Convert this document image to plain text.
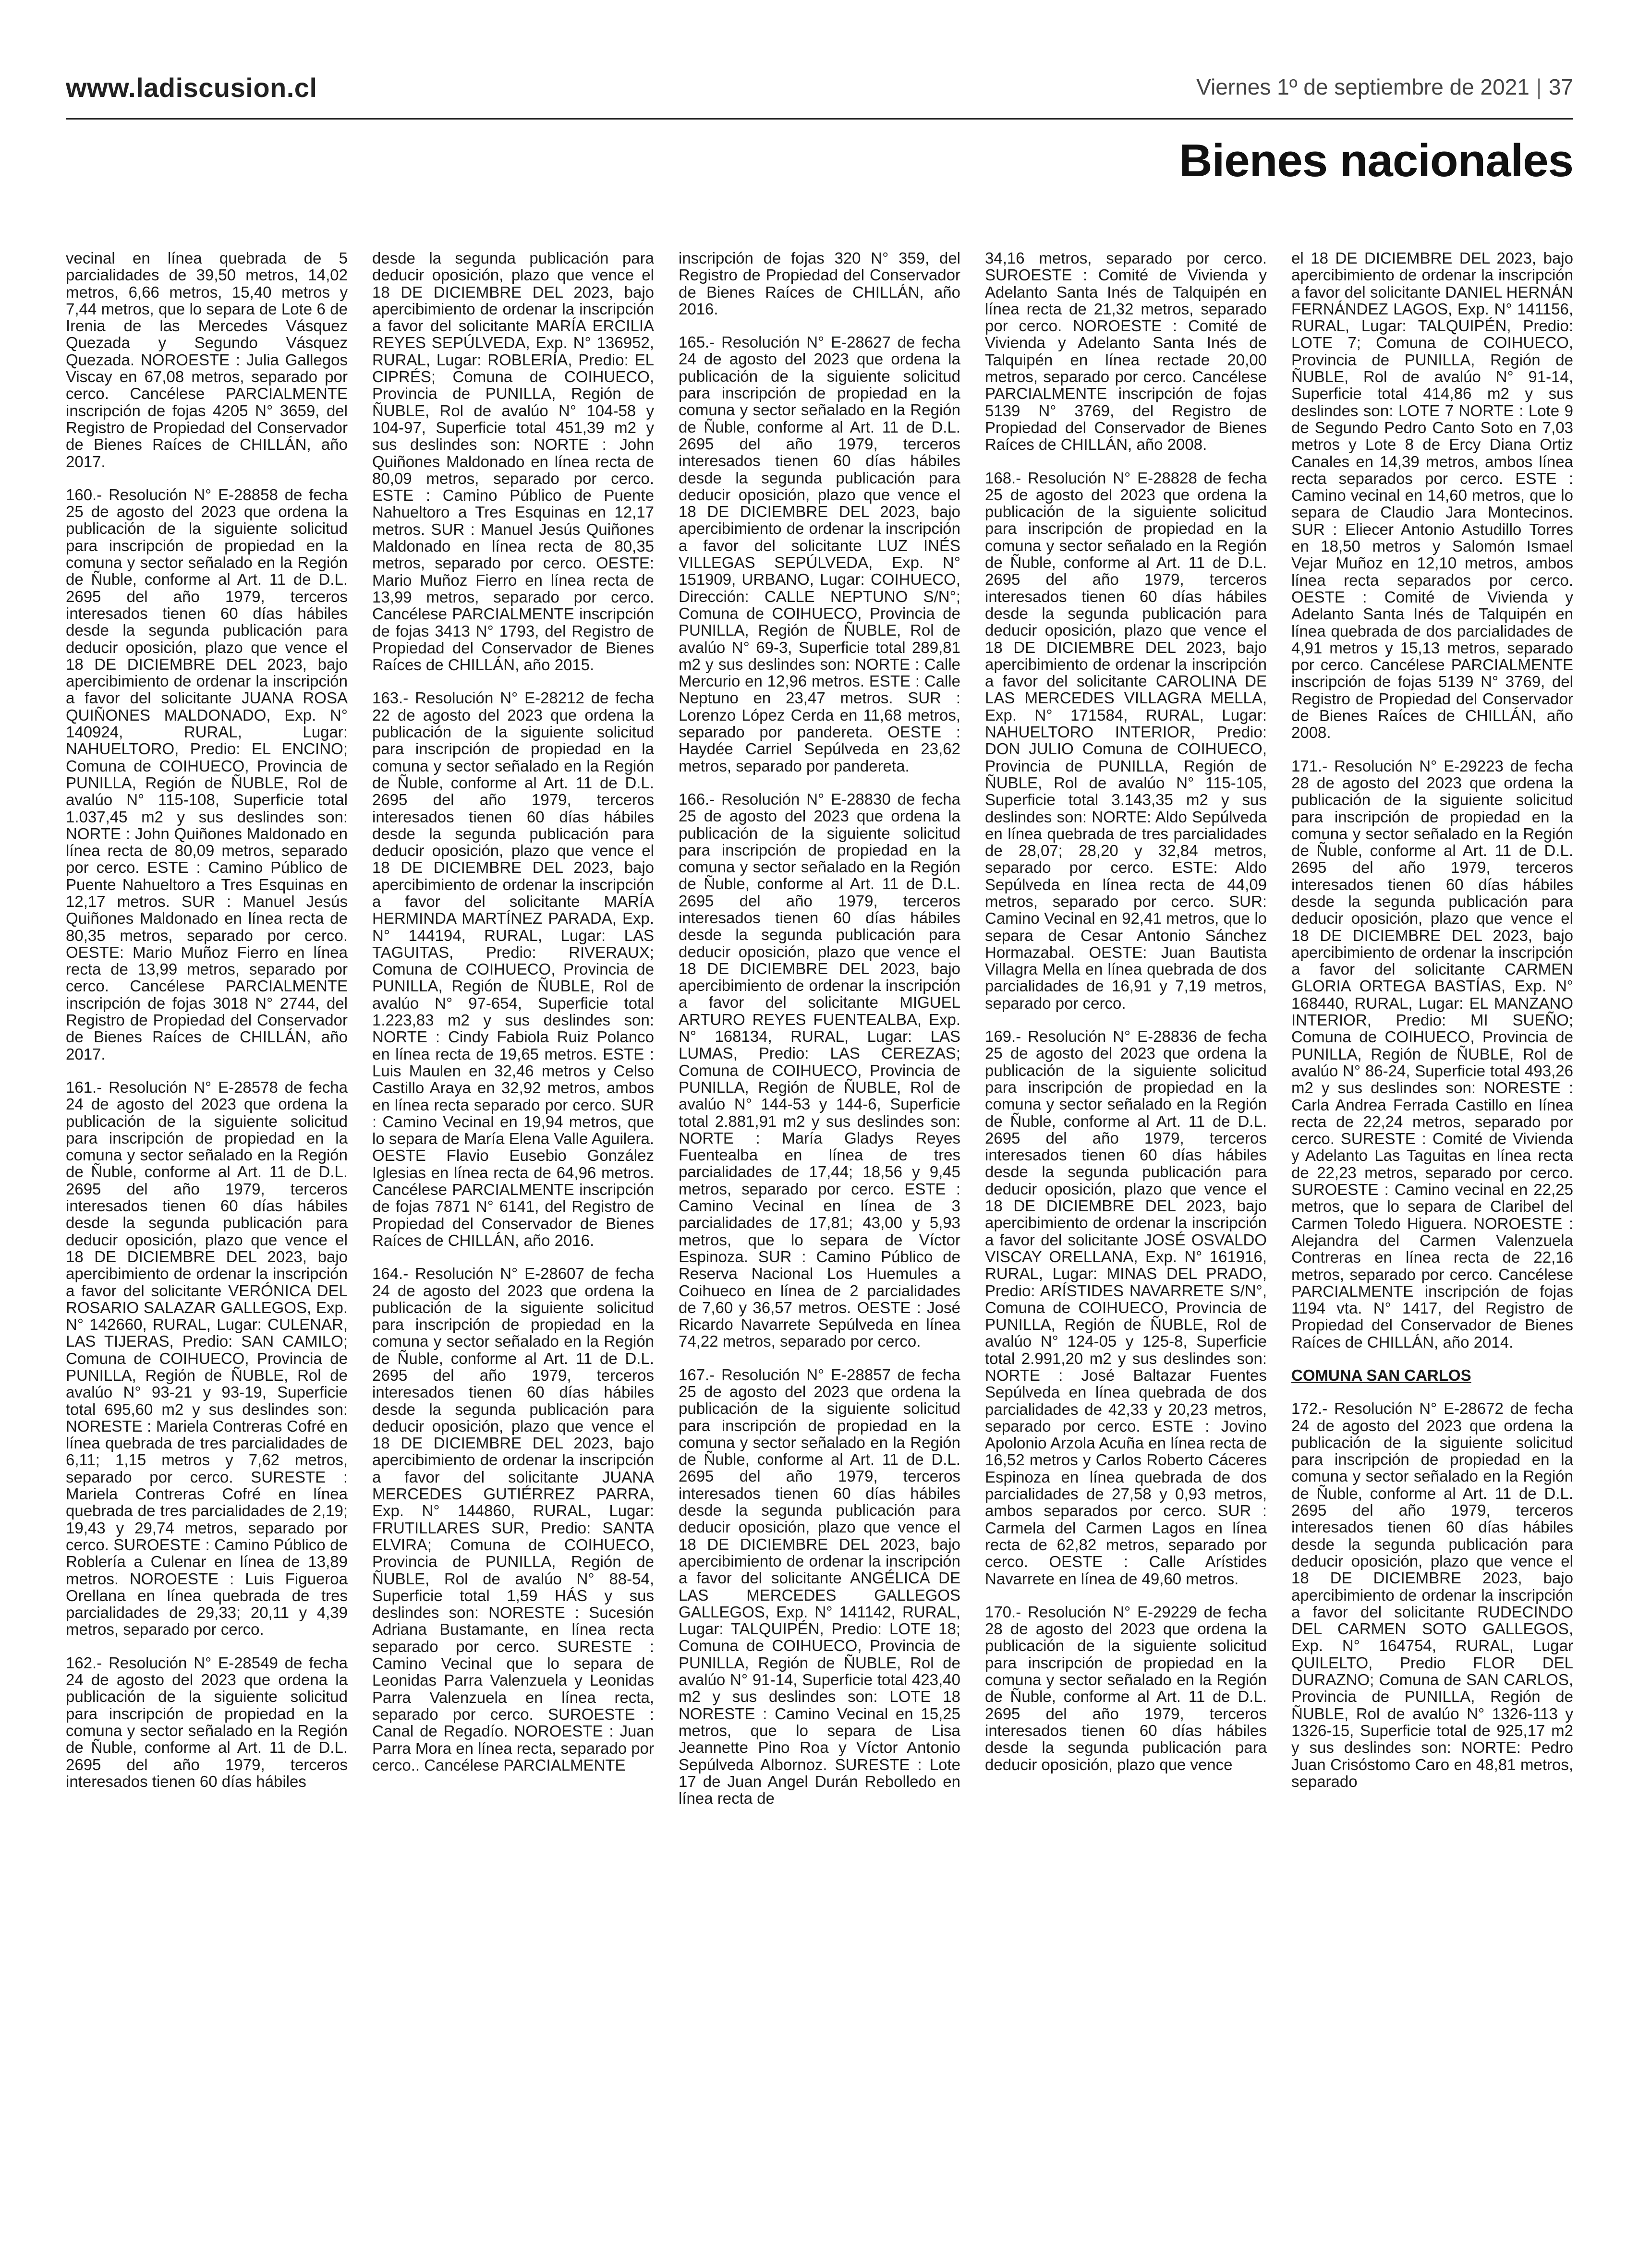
www.ladiscusion.cl	Viernes 1º de septiembre de 2021 | 37
Bienes nacionales

vecinal en línea quebrada de 5 parcialidades de 39,50 metros, 14,02 metros, 6,66 metros, 15,40 metros y 7,44 metros, que lo separa de Lote 6 de Irenia de las Mercedes Vásquez Quezada y Segundo Vásquez Quezada. NOROESTE : Julia Gallegos Viscay en 67,08 metros, separado por cerco. Cancélese PARCIALMENTE inscripción de fojas 4205 N° 3659, del Registro de Propiedad del Conservador de Bienes Raíces de CHILLÁN, año 2017.

160.- Resolución N° E-28858 de fecha 25 de agosto del 2023 que ordena la publicación de la siguiente solicitud para inscripción de propiedad en la comuna y sector señalado en la Región de Ñuble, conforme al Art. 11 de D.L. 2695 del año 1979, terceros interesados tienen 60 días hábiles desde la segunda publicación para deducir oposición, plazo que vence el 18 DE DICIEMBRE DEL 2023, bajo apercibimiento de ordenar la inscripción a favor del solicitante JUANA ROSA QUIÑONES MALDONADO, Exp. N° 140924, RURAL, Lugar: NAHUELTORO, Predio: EL ENCINO; Comuna de COIHUECO, Provincia de PUNILLA, Región de ÑUBLE, Rol de avalúo N° 115-108, Superficie total 1.037,45 m2 y sus deslindes son: NORTE : John Quiñones Maldonado en línea recta de 80,09 metros, separado por cerco. ESTE : Camino Público de Puente Nahueltoro a Tres Esquinas en 12,17 metros. SUR : Manuel Jesús Quiñones Maldonado en línea recta de 80,35 metros, separado por cerco. OESTE: Mario Muñoz Fierro en línea recta de 13,99 metros, separado por cerco. Cancélese PARCIALMENTE inscripción de fojas 3018 N° 2744, del Registro de Propiedad del Conservador de Bienes Raíces de CHILLÁN, año 2017.

161.- Resolución N° E-28578 de fecha 24 de agosto del 2023 que ordena la publicación de la siguiente solicitud para inscripción de propiedad en la comuna y sector señalado en la Región de Ñuble, conforme al Art. 11 de D.L. 2695 del año 1979, terceros interesados tienen 60 días hábiles desde la segunda publicación para deducir oposición, plazo que vence el 18 DE DICIEMBRE DEL 2023, bajo apercibimiento de ordenar la inscripción a favor del solicitante VERÓNICA DEL ROSARIO SALAZAR GALLEGOS, Exp. N° 142660, RURAL, Lugar: CULENAR, LAS TIJERAS, Predio: SAN CAMILO; Comuna de COIHUECO, Provincia de PUNILLA, Región de ÑUBLE, Rol de avalúo N° 93-21 y 93-19, Superficie total 695,60 m2 y sus deslindes son: NORESTE : Mariela Contreras Cofré en línea quebrada de tres parcialidades de 6,11; 1,15 metros y 7,62 metros, separado por cerco. SURESTE : Mariela Contreras Cofré en línea quebrada de tres parcialidades de 2,19; 19,43 y 29,74 metros, separado por cerco. SUROESTE : Camino Público de Roblería a Culenar en línea de 13,89 metros. NOROESTE : Luis Figueroa Orellana en línea quebrada de tres parcialidades de 29,33; 20,11 y 4,39 metros, separado por cerco.

162.- Resolución N° E-28549 de fecha 24 de agosto del 2023 que ordena la publicación de la siguiente solicitud para inscripción de propiedad en la comuna y sector señalado en la Región de Ñuble, conforme al Art. 11 de D.L. 2695 del año 1979, terceros interesados tienen 60 días hábiles

desde la segunda publicación para deducir oposición, plazo que vence el 18 DE DICIEMBRE DEL 2023, bajo apercibimiento de ordenar la inscripción a favor del solicitante MARÍA ERCILIA REYES SEPÚLVEDA, Exp. N° 136952, RURAL, Lugar: ROBLERÍA, Predio: EL CIPRÉS; Comuna de COIHUECO, Provincia de PUNILLA, Región de ÑUBLE, Rol de avalúo N° 104-58 y 104-97, Superficie total 451,39 m2 y sus deslindes son: NORTE : John Quiñones Maldonado en línea recta de 80,09 metros, separado por cerco. ESTE : Camino Público de Puente Nahueltoro a Tres Esquinas en 12,17 metros. SUR : Manuel Jesús Quiñones Maldonado en línea recta de 80,35 metros, separado por cerco. OESTE: Mario Muñoz Fierro en línea recta de 13,99 metros, separado por cerco. Cancélese PARCIALMENTE inscripción de fojas 3413 N° 1793, del Registro de Propiedad del Conservador de Bienes Raíces de CHILLÁN, año 2015.

163.- Resolución N° E-28212 de fecha 22 de agosto del 2023 que ordena la publicación de la siguiente solicitud para inscripción de propiedad en la comuna y sector señalado en la Región de Ñuble, conforme al Art. 11 de D.L. 2695 del año 1979, terceros interesados tienen 60 días hábiles desde la segunda publicación para deducir oposición, plazo que vence el 18 DE DICIEMBRE DEL 2023, bajo apercibimiento de ordenar la inscripción a favor del solicitante MARÍA HERMINDA MARTÍNEZ PARADA, Exp. N° 144194, RURAL, Lugar: LAS TAGUITAS, Predio: RIVERAUX; Comuna de COIHUECO, Provincia de PUNILLA, Región de ÑUBLE, Rol de avalúo N° 97-654, Superficie total 1.223,83 m2 y sus deslindes son: NORTE : Cindy Fabiola Ruiz Polanco en línea recta de 19,65 metros. ESTE : Luis Maulen en 32,46 metros y Celso Castillo Araya en 32,92 metros, ambos en línea recta separado por cerco. SUR : Camino Vecinal en 19,94 metros, que lo separa de María Elena Valle Aguilera. OESTE Flavio Eusebio González Iglesias en línea recta de 64,96 metros. Cancélese PARCIALMENTE inscripción de fojas 7871 N° 6141, del Registro de Propiedad del Conservador de Bienes Raíces de CHILLÁN, año 2016.

164.- Resolución N° E-28607 de fecha 24 de agosto del 2023 que ordena la publicación de la siguiente solicitud para inscripción de propiedad en la comuna y sector señalado en la Región de Ñuble, conforme al Art. 11 de D.L. 2695 del año 1979, terceros interesados tienen 60 días hábiles desde la segunda publicación para deducir oposición, plazo que vence el 18 DE DICIEMBRE DEL 2023, bajo apercibimiento de ordenar la inscripción a favor del solicitante JUANA MERCEDES GUTIÉRREZ PARRA, Exp. N° 144860, RURAL, Lugar: FRUTILLARES SUR, Predio: SANTA ELVIRA; Comuna de COIHUECO, Provincia de PUNILLA, Región de ÑUBLE, Rol de avalúo N° 88-54, Superficie total 1,59 HÁS y sus deslindes son: NORESTE : Sucesión Adriana Bustamante, en línea recta separado por cerco. SURESTE : Camino Vecinal que lo separa de Leonidas Parra Valenzuela y Leonidas Parra Valenzuela en línea recta, separado por cerco. SUROESTE : Canal de Regadío. NOROESTE : Juan Parra Mora en línea recta, separado por cerco.. Cancélese PARCIALMENTE

inscripción de fojas 320 N° 359, del Registro de Propiedad del Conservador de Bienes Raíces de CHILLÁN, año 2016.

165.- Resolución N° E-28627 de fecha 24 de agosto del 2023 que ordena la publicación de la siguiente solicitud para inscripción de propiedad en la comuna y sector señalado en la Región de Ñuble, conforme al Art. 11 de D.L. 2695 del año 1979, terceros interesados tienen 60 días hábiles desde la segunda publicación para deducir oposición, plazo que vence el 18 DE DICIEMBRE DEL 2023, bajo apercibimiento de ordenar la inscripción a favor del solicitante LUZ INÉS VILLEGAS SEPÚLVEDA, Exp. N° 151909, URBANO, Lugar: COIHUECO, Dirección: CALLE NEPTUNO S/N°; Comuna de COIHUECO, Provincia de PUNILLA, Región de ÑUBLE, Rol de avalúo N° 69-3, Superficie total 289,81 m2 y sus deslindes son: NORTE : Calle Mercurio en 12,96 metros. ESTE : Calle Neptuno en 23,47 metros. SUR : Lorenzo López Cerda en 11,68 metros, separado por pandereta. OESTE : Haydée Carriel Sepúlveda en 23,62 metros, separado por pandereta.

166.- Resolución N° E-28830 de fecha 25 de agosto del 2023 que ordena la publicación de la siguiente solicitud para inscripción de propiedad en la comuna y sector señalado en la Región de Ñuble, conforme al Art. 11 de D.L. 2695 del año 1979, terceros interesados tienen 60 días hábiles desde la segunda publicación para deducir oposición, plazo que vence el 18 DE DICIEMBRE DEL 2023, bajo apercibimiento de ordenar la inscripción a favor del solicitante MIGUEL ARTURO REYES FUENTEALBA, Exp. N° 168134, RURAL, Lugar: LAS LUMAS, Predio: LAS CEREZAS; Comuna de COIHUECO, Provincia de PUNILLA, Región de ÑUBLE, Rol de avalúo N° 144-53 y 144-6, Superficie total 2.881,91 m2 y sus deslindes son: NORTE : María Gladys Reyes Fuentealba en línea de tres parcialidades de 17,44; 18,56 y 9,45 metros, separado por cerco. ESTE : Camino Vecinal en línea de 3 parcialidades de 17,81; 43,00 y 5,93 metros, que lo separa de Víctor Espinoza. SUR : Camino Público de Reserva Nacional Los Huemules a Coihueco en línea de 2 parcialidades de 7,60 y 36,57 metros. OESTE : José Ricardo Navarrete Sepúlveda en línea 74,22 metros, separado por cerco.

167.- Resolución N° E-28857 de fecha 25 de agosto del 2023 que ordena la publicación de la siguiente solicitud para inscripción de propiedad en la comuna y sector señalado en la Región de Ñuble, conforme al Art. 11 de D.L. 2695 del año 1979, terceros interesados tienen 60 días hábiles desde la segunda publicación para deducir oposición, plazo que vence el 18 DE DICIEMBRE DEL 2023, bajo apercibimiento de ordenar la inscripción a favor del solicitante ANGÉLICA DE LAS MERCEDES GALLEGOS GALLEGOS, Exp. N° 141142, RURAL, Lugar: TALQUIPÉN, Predio: LOTE 18; Comuna de COIHUECO, Provincia de PUNILLA, Región de ÑUBLE, Rol de avalúo N° 91-14, Superficie total 423,40 m2 y sus deslindes son: LOTE 18 NORESTE : Camino Vecinal en 15,25 metros, que lo separa de Lisa Jeannette Pino Roa y Víctor Antonio Sepúlveda Albornoz. SURESTE : Lote 17 de Juan Angel Durán Rebolledo en línea recta de

34,16 metros, separado por cerco. SUROESTE : Comité de Vivienda y Adelanto Santa Inés de Talquipén en línea recta de 21,32 metros, separado por cerco. NOROESTE : Comité de Vivienda y Adelanto Santa Inés de Talquipén en línea rectade 20,00 metros, separado por cerco. Cancélese PARCIALMENTE inscripción de fojas 5139 N° 3769, del Registro de Propiedad del Conservador de Bienes Raíces de CHILLÁN, año 2008.

168.- Resolución N° E-28828 de fecha 25 de agosto del 2023 que ordena la publicación de la siguiente solicitud para inscripción de propiedad en la comuna y sector señalado en la Región de Ñuble, conforme al Art. 11 de D.L. 2695 del año 1979, terceros interesados tienen 60 días hábiles desde la segunda publicación para deducir oposición, plazo que vence el 18 DE DICIEMBRE DEL 2023, bajo apercibimiento de ordenar la inscripción a favor del solicitante CAROLINA DE LAS MERCEDES VILLAGRA MELLA, Exp. N° 171584, RURAL, Lugar: NAHUELTORO INTERIOR, Predio: DON JULIO Comuna de COIHUECO, Provincia de PUNILLA, Región de ÑUBLE, Rol de avalúo N° 115-105, Superficie total 3.143,35 m2 y sus deslindes son: NORTE: Aldo Sepúlveda en línea quebrada de tres parcialidades de 28,07; 28,20 y 32,84 metros, separado por cerco. ESTE: Aldo Sepúlveda en línea recta de 44,09 metros, separado por cerco. SUR: Camino Vecinal en 92,41 metros, que lo separa de Cesar Antonio Sánchez Hormazabal. OESTE: Juan Bautista Villagra Mella en línea quebrada de dos parcialidades de 16,91 y 7,19 metros, separado por cerco.

169.- Resolución N° E-28836 de fecha 25 de agosto del 2023 que ordena la publicación de la siguiente solicitud para inscripción de propiedad en la comuna y sector señalado en la Región de Ñuble, conforme al Art. 11 de D.L. 2695 del año 1979, terceros interesados tienen 60 días hábiles desde la segunda publicación para deducir oposición, plazo que vence el 18 DE DICIEMBRE DEL 2023, bajo apercibimiento de ordenar la inscripción a favor del solicitante JOSÉ OSVALDO VISCAY ORELLANA, Exp. N° 161916, RURAL, Lugar: MINAS DEL PRADO, Predio: ARÍSTIDES NAVARRETE S/N°, Comuna de COIHUECO, Provincia de PUNILLA, Región de ÑUBLE, Rol de avalúo N° 124-05 y 125-8, Superficie total 2.991,20 m2 y sus deslindes son: NORTE : José Baltazar Fuentes Sepúlveda en línea quebrada de dos parcialidades de 42,33 y 20,23 metros, separado por cerco. ESTE : Jovino Apolonio Arzola Acuña en línea recta de 16,52 metros y Carlos Roberto Cáceres Espinoza en línea quebrada de dos parcialidades de 27,58 y 0,93 metros, ambos separados por cerco. SUR : Carmela del Carmen Lagos en línea recta de 62,82 metros, separado por cerco. OESTE : Calle Arístides Navarrete en línea de 49,60 metros.

170.- Resolución N° E-29229 de fecha 28 de agosto del 2023 que ordena la publicación de la siguiente solicitud para inscripción de propiedad en la comuna y sector señalado en la Región de Ñuble, conforme al Art. 11 de D.L. 2695 del año 1979, terceros interesados tienen 60 días hábiles desde la segunda publicación para deducir oposición, plazo que vence

el 18 DE DICIEMBRE DEL 2023, bajo apercibimiento de ordenar la inscripción a favor del solicitante DANIEL HERNÁN FERNÁNDEZ LAGOS, Exp. N° 141156, RURAL, Lugar: TALQUIPÉN, Predio: LOTE 7; Comuna de COIHUECO, Provincia de PUNILLA, Región de ÑUBLE, Rol de avalúo N° 91-14, Superficie total 414,86 m2 y sus deslindes son: LOTE 7 NORTE : Lote 9 de Segundo Pedro Canto Soto en 7,03 metros y Lote 8 de Ercy Diana Ortiz Canales en 14,39 metros, ambos línea recta separados por cerco. ESTE : Camino vecinal en 14,60 metros, que lo separa de Claudio Jara Montecinos. SUR : Eliecer Antonio Astudillo Torres en 18,50 metros y Salomón Ismael Vejar Muñoz en 12,10 metros, ambos línea recta separados por cerco. OESTE : Comité de Vivienda y Adelanto Santa Inés de Talquipén en línea quebrada de dos parcialidades de 4,91 metros y 15,13 metros, separado por cerco. Cancélese PARCIALMENTE inscripción de fojas 5139 N° 3769, del Registro de Propiedad del Conservador de Bienes Raíces de CHILLÁN, año 2008.

171.- Resolución N° E-29223 de fecha 28 de agosto del 2023 que ordena la publicación de la siguiente solicitud para inscripción de propiedad en la comuna y sector señalado en la Región de Ñuble, conforme al Art. 11 de D.L. 2695 del año 1979, terceros interesados tienen 60 días hábiles desde la segunda publicación para deducir oposición, plazo que vence el 18 DE DICIEMBRE DEL 2023, bajo apercibimiento de ordenar la inscripción a favor del solicitante CARMEN GLORIA ORTEGA BASTÍAS, Exp. N° 168440, RURAL, Lugar: EL MANZANO INTERIOR, Predio: MI SUEÑO; Comuna de COIHUECO, Provincia de PUNILLA, Región de ÑUBLE, Rol de avalúo N° 86-24, Superficie total 493,26 m2 y sus deslindes son: NORESTE : Carla Andrea Ferrada Castillo en línea recta de 22,24 metros, separado por cerco. SURESTE : Comité de Vivienda y Adelanto Las Taguitas en línea recta de 22,23 metros, separado por cerco. SUROESTE : Camino vecinal en 22,25 metros, que lo separa de Claribel del Carmen Toledo Higuera. NOROESTE : Alejandra del Carmen Valenzuela Contreras en línea recta de 22,16 metros, separado por cerco. Cancélese PARCIALMENTE inscripción de fojas 1194 vta. N° 1417, del Registro de Propiedad del Conservador de Bienes Raíces de CHILLÁN, año 2014.

COMUNA SAN CARLOS

172.- Resolución N° E-28672 de fecha 24 de agosto del 2023 que ordena la publicación de la siguiente solicitud para inscripción de propiedad en la comuna y sector señalado en la Región de Ñuble, conforme al Art. 11 de D.L. 2695 del año 1979, terceros interesados tienen 60 días hábiles desde la segunda publicación para deducir oposición, plazo que vence el 18 DE DICIEMBRE 2023, bajo apercibimiento de ordenar la inscripción a favor del solicitante RUDECINDO DEL CARMEN SOTO GALLEGOS, Exp. N° 164754, RURAL, Lugar QUILELTO, Predio FLOR DEL DURAZNO; Comuna de SAN CARLOS, Provincia de PUNILLA, Región de ÑUBLE, Rol de avalúo N° 1326-113 y 1326-15, Superficie total de 925,17 m2 y sus deslindes son: NORTE: Pedro Juan Crisóstomo Caro en 48,81 metros, separado
